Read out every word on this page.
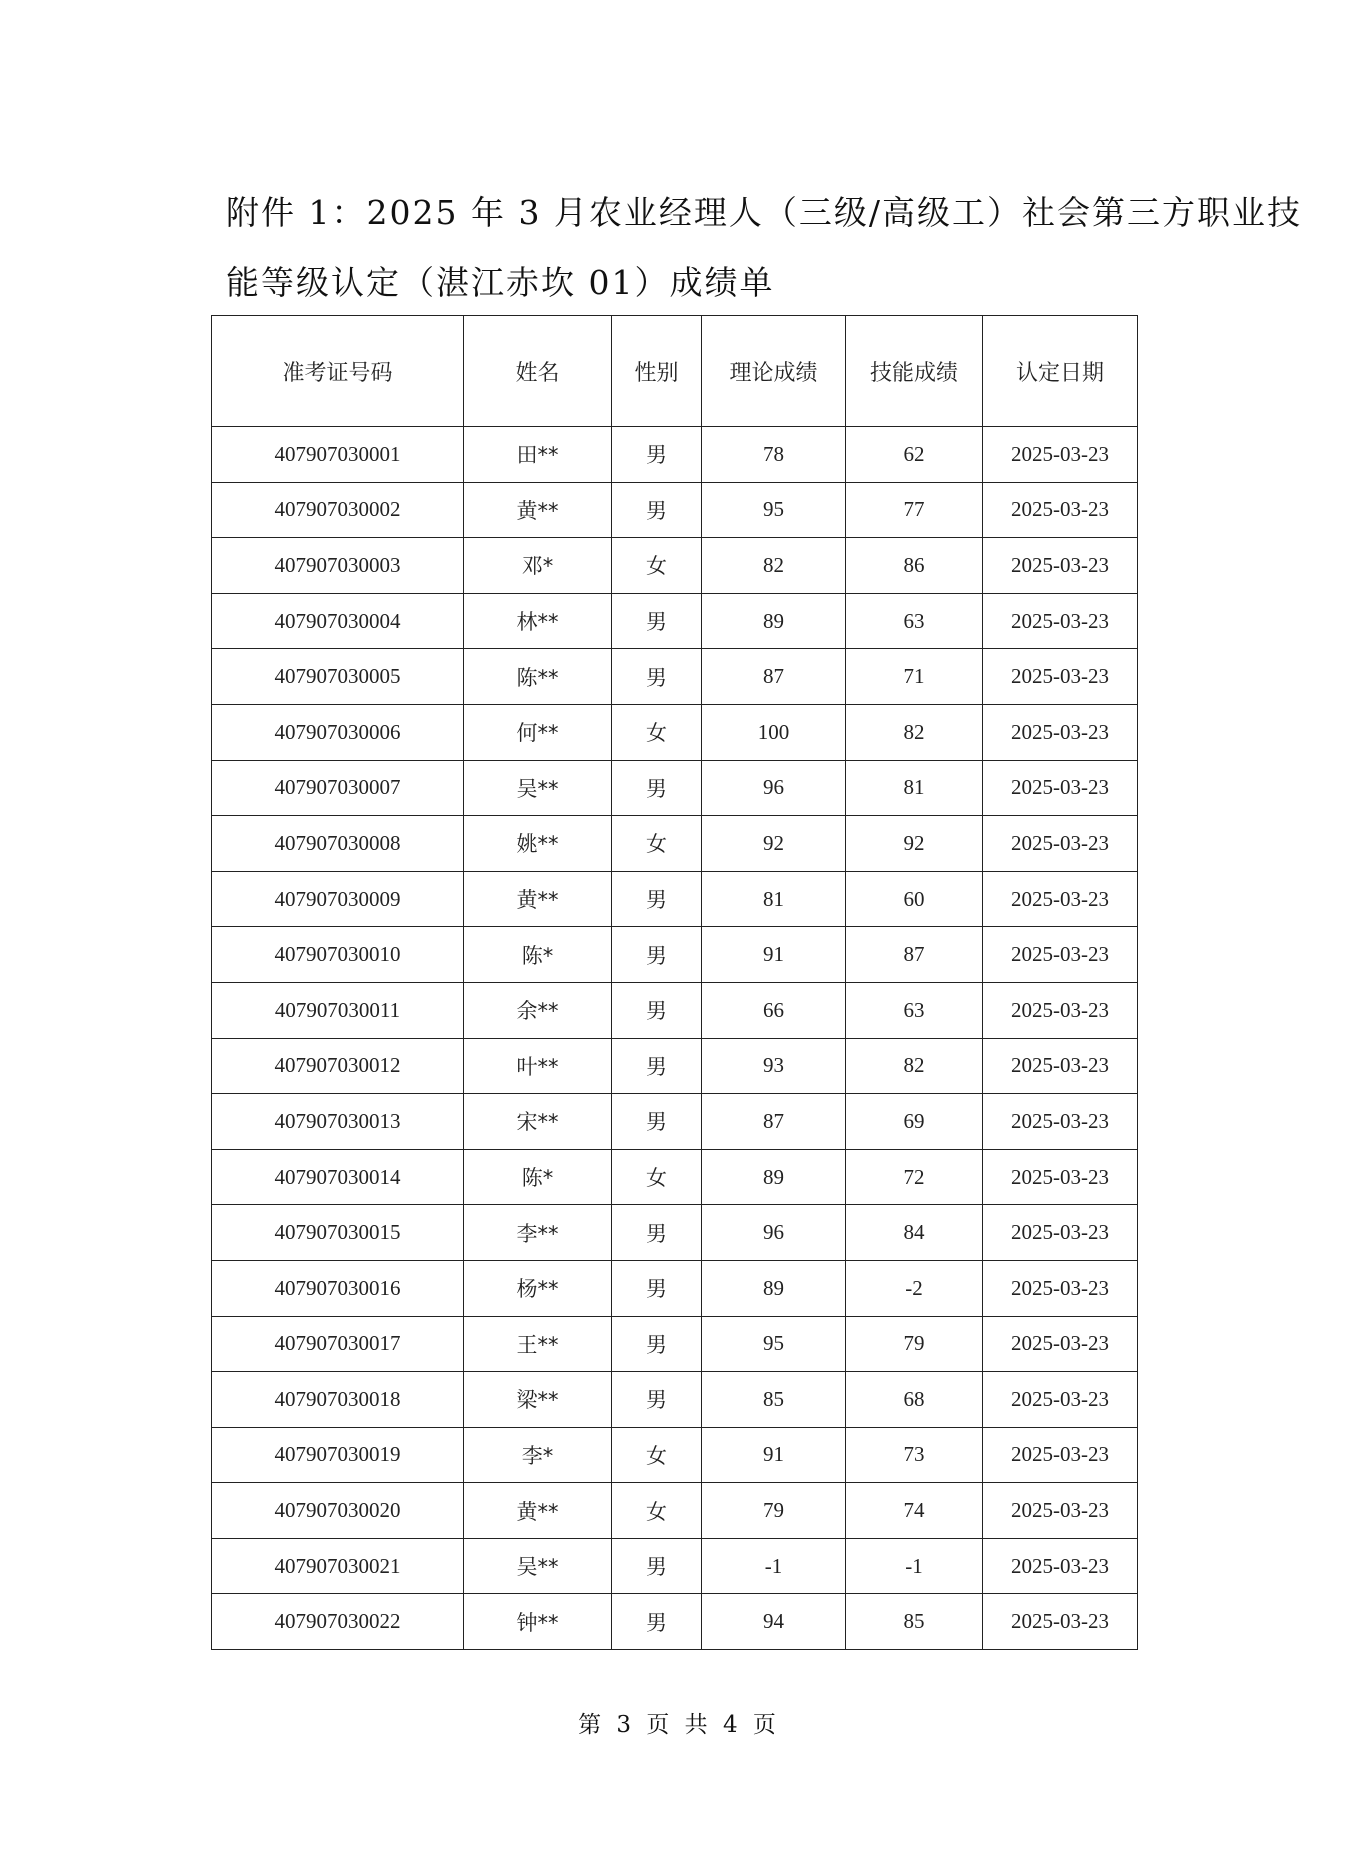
附件 1：2025 年 3 月农业经理人（三级/高级工）社会第三方职业技
能等级认定（湛江赤坎 01）成绩单
准考证号码	姓名	性别	理论成绩	技能成绩	认定日期
407907030001	田**	男	78	62	2025-03-23
407907030002	黄**	男	95	77	2025-03-23
407907030003	邓*	女	82	86	2025-03-23
407907030004	林**	男	89	63	2025-03-23
407907030005	陈**	男	87	71	2025-03-23
407907030006	何**	女	100	82	2025-03-23
407907030007	吴**	男	96	81	2025-03-23
407907030008	姚**	女	92	92	2025-03-23
407907030009	黄**	男	81	60	2025-03-23
407907030010	陈*	男	91	87	2025-03-23
407907030011	余**	男	66	63	2025-03-23
407907030012	叶**	男	93	82	2025-03-23
407907030013	宋**	男	87	69	2025-03-23
407907030014	陈*	女	89	72	2025-03-23
407907030015	李**	男	96	84	2025-03-23
407907030016	杨**	男	89	-2	2025-03-23
407907030017	王**	男	95	79	2025-03-23
407907030018	梁**	男	85	68	2025-03-23
407907030019	李*	女	91	73	2025-03-23
407907030020	黄**	女	79	74	2025-03-23
407907030021	吴**	男	-1	-1	2025-03-23
407907030022	钟**	男	94	85	2025-03-23
第 3 页 共 4 页
